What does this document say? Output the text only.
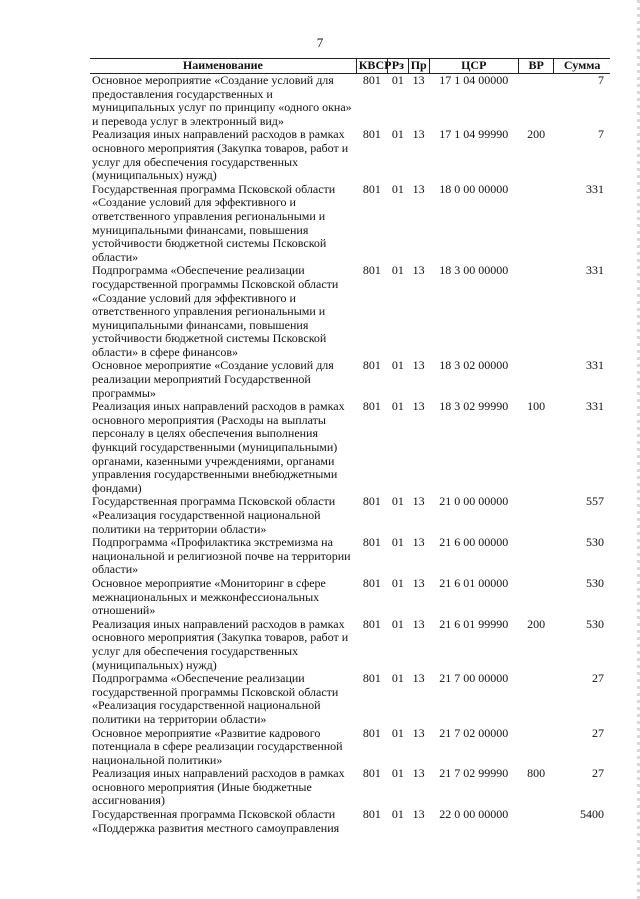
7
Наименование	КВСР	Рз	Пр	ЦСР	ВР	Сумма
Основное мероприятие «Создание условий для предоставления государственных и муниципальных услуг по принципу «одного окна» и перевода услуг в электронный вид»	801	01	13	17 1 04 00000		7
Реализация иных направлений расходов в рамках основного мероприятия (Закупка товаров, работ и услуг для обеспечения государственных (муниципальных) нужд)	801	01	13	17 1 04 99990	200	7
Государственная программа Псковской области «Создание условий для эффективного и ответственного управления региональными и муниципальными финансами, повышения устойчивости бюджетной системы Псковской области»	801	01	13	18 0 00 00000		331
Подпрограмма «Обеспечение реализации государственной программы Псковской области «Создание условий для эффективного и ответственного управления региональными и муниципальными финансами, повышения устойчивости бюджетной системы Псковской области» в сфере финансов»	801	01	13	18 3 00 00000		331
Основное мероприятие «Создание условий для реализации мероприятий Государственной программы»	801	01	13	18 3 02 00000		331
Реализация иных направлений расходов в рамках основного мероприятия (Расходы на выплаты персоналу в целях обеспечения выполнения функций государственными (муниципальными) органами, казенными учреждениями, органами управления государственными внебюджетными фондами)	801	01	13	18 3 02 99990	100	331
Государственная программа Псковской области «Реализация государственной национальной политики на территории области»	801	01	13	21 0 00 00000		557
Подпрограмма «Профилактика экстремизма на национальной и религиозной почве на территории области»	801	01	13	21 6 00 00000		530
Основное мероприятие «Мониторинг в сфере межнациональных и межконфессиональных отношений»	801	01	13	21 6 01 00000		530
Реализация иных направлений расходов в рамках основного мероприятия (Закупка товаров, работ и услуг для обеспечения государственных (муниципальных) нужд)	801	01	13	21 6 01 99990	200	530
Подпрограмма «Обеспечение реализации государственной программы Псковской области «Реализация государственной национальной политики на территории области»	801	01	13	21 7 00 00000		27
Основное мероприятие «Развитие кадрового потенциала в сфере реализации государственной национальной политики»	801	01	13	21 7 02 00000		27
Реализация иных направлений расходов в рамках основного мероприятия (Иные бюджетные ассигнования)	801	01	13	21 7 02 99990	800	27
Государственная программа Псковской области «Поддержка развития местного самоуправления	801	01	13	22 0 00 00000		5400
